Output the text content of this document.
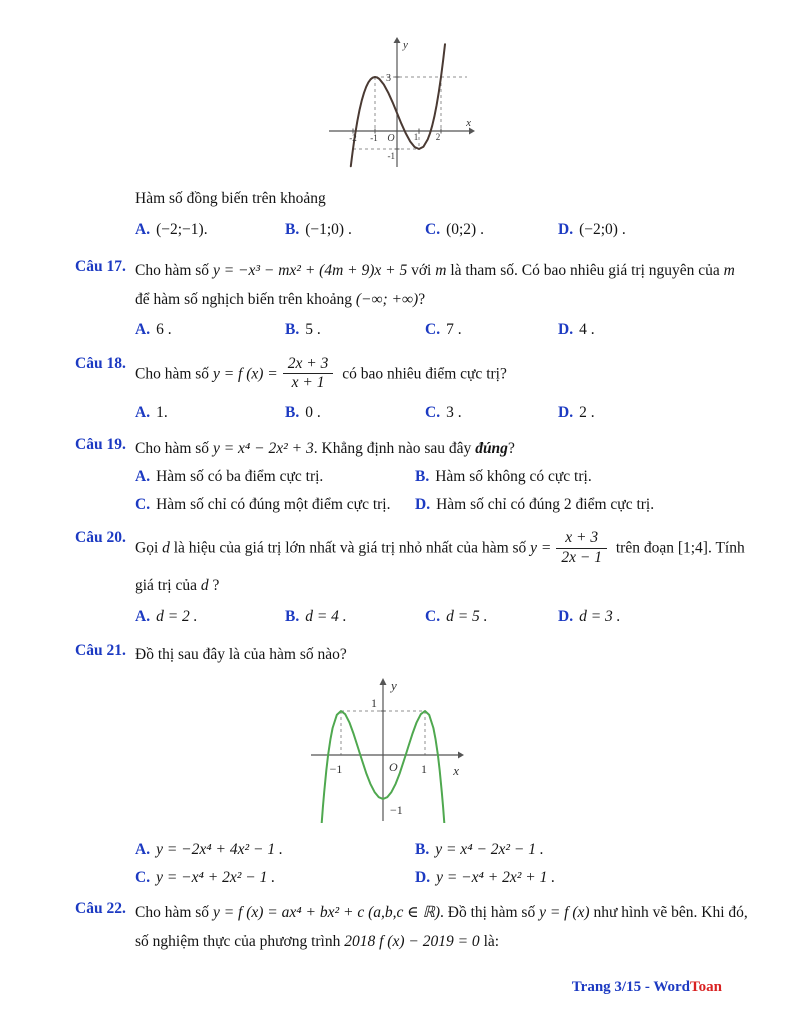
y
x
3
-2 -1 O 1 2
-1
Hàm số đồng biến trên khoảng
A. (−2;−1).	B. (−1;0) .	C. (0;2) .	D. (−2;0) .
Câu 17. Cho hàm số y = −x³ − mx² + (4m + 9)x + 5 với m là tham số. Có bao nhiêu giá trị nguyên của m
để hàm số nghịch biến trên khoảng (−∞; +∞)?
A. 6 .	B. 5 .	C. 7 .	D. 4 .
Câu 18.
Cho hàm số y = f $(x) = \frac{2x + 3}{x + 1}$ có bao nhiêu điểm cực trị?
A. 1.	B. 0 .	C. 3 .	D. 2 .
Câu 19. Cho hàm số y = x⁴ − 2x² + 3. Khẳng định nào sau đây đúng?
A. Hàm số có ba điểm cực trị.	B. Hàm số không có cực trị.
C. Hàm số chỉ có đúng một điểm cực trị.	D. Hàm số chỉ có đúng 2 điểm cực trị.
Câu 20.
Gọi d là hiệu của giá trị lớn nhất và giá trị nhỏ nhất của hàm số $y = \frac{x + 3}{2x - 1}$ trên đoạn [1;4]. Tính
giá trị của d ?
A. d = 2 .	B. d = 4 .	C. d = 5 .	D. d = 3 .
Câu 21. Đồ thị sau đây là của hàm số nào?
y
x
1
−1	1
O
−1
A. y = −2x⁴ + 4x² − 1 .	B. y = x⁴ − 2x² − 1 .
C. y = −x⁴ + 2x² − 1 .	D. y = −x⁴ + 2x² + 1 .
Câu 22. Cho hàm số y = f (x) = ax⁴ + bx² + c (a,b,c ∈ ℝ). Đồ thị hàm số y = f (x) như hình vẽ bên. Khi đó,
số nghiệm thực của phương trình 2018 f (x) − 2019 = 0 là:
Trang 3/15 - WordToan
